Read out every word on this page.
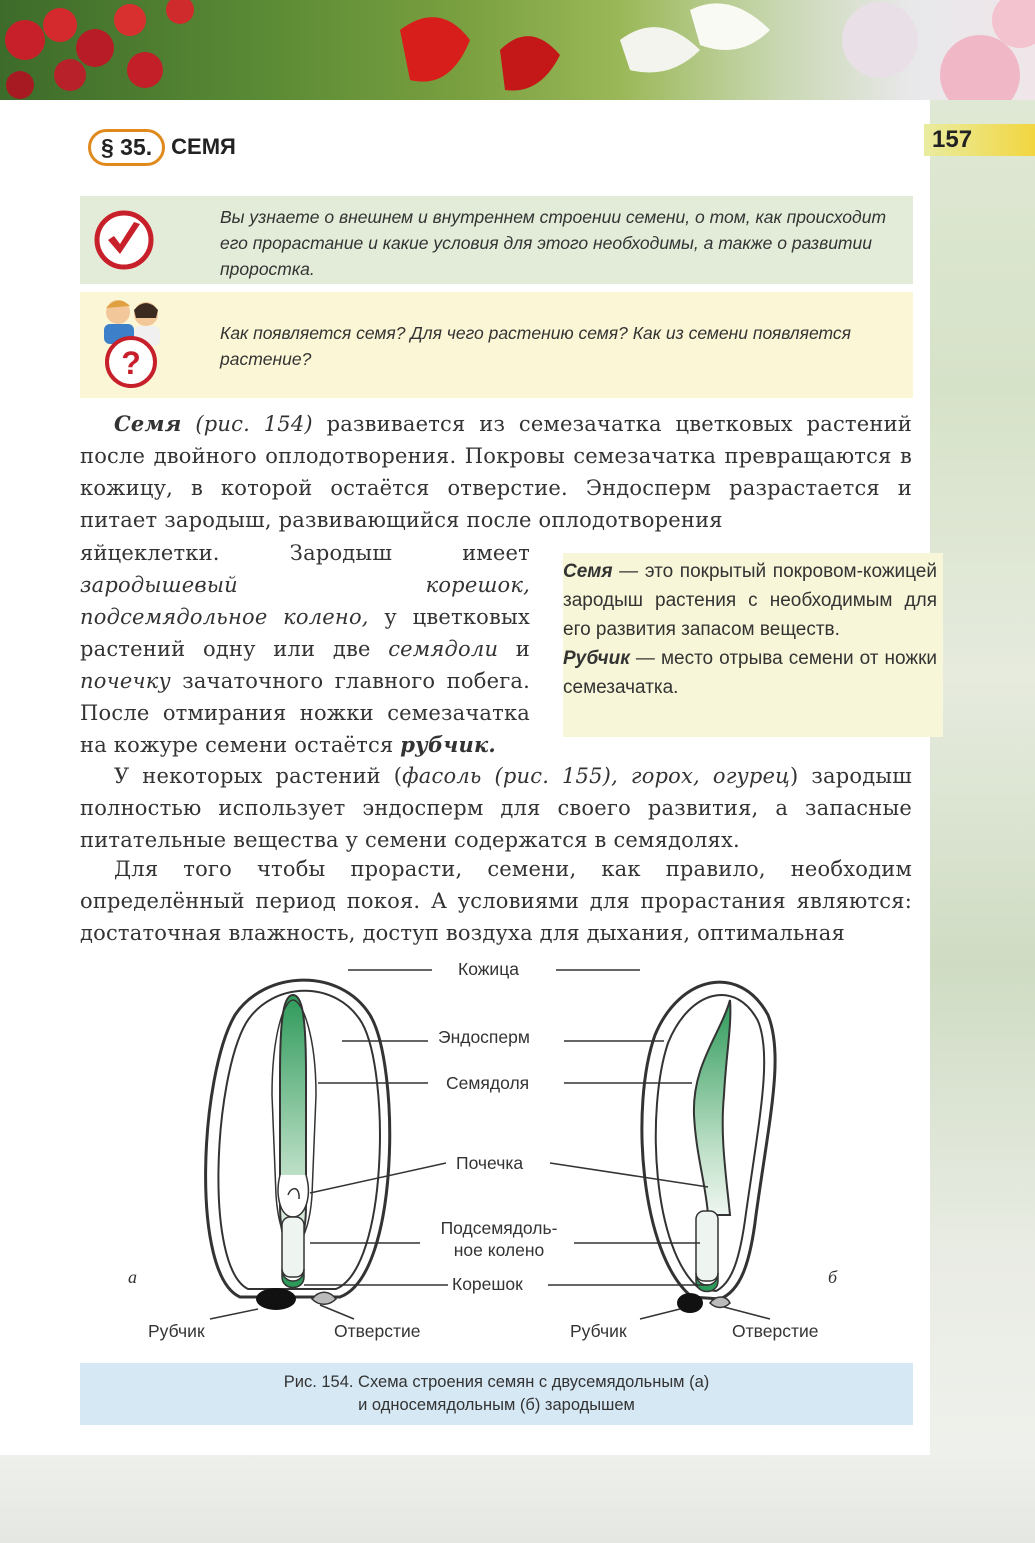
157
§ 35. СЕМЯ
Вы узнаете о внешнем и внутреннем строении семени, о том, как происходит его прорастание и какие условия для этого необходимы, а также о развитии проростка.
Как появляется семя? Для чего растению семя? Как из семени появляется растение?
?

Семя (рис. 154) развивается из семезачатка цветковых растений после двойного оплодотворения. Покровы семезачатка превращаются в кожицу, в которой остаётся отверстие. Эндосперм разрастается и питает зародыш, развивающийся после оплодотворения

яйцеклетки. Зародыш имеет зародышевый корешок, подсемядольное колено, у цветковых растений одну или две семядоли и почечку зачаточного главного побега. После отмирания ножки семезачатка на кожуре семени остаётся рубчик.

Семя — это покрытый покровом-кожицей зародыш растения с необходимым для его развития запасом веществ.

Рубчик — место отрыва семени от ножки семезачатка.

У некоторых растений (фасоль (рис. 155), горох, огурец) зародыш полностью использует эндосперм для своего развития, а запасные питательные вещества у семени содержатся в семядолях.

Для того чтобы прорасти, семени, как правило, необходим определённый период покоя. А условиями для прорастания являются: достаточная влажность, доступ воздуха для дыхания, оптимальная

Кожица
Эндосперм
Семядоля
Почечка
Подсемядоль-
ное колено
Корешок
Рубчик	Отверстие	Рубчик	Отверстие
а	б
Рис. 154. Схема строения семян с двусемядольным (а)
и односемядольным (б) зародышем
